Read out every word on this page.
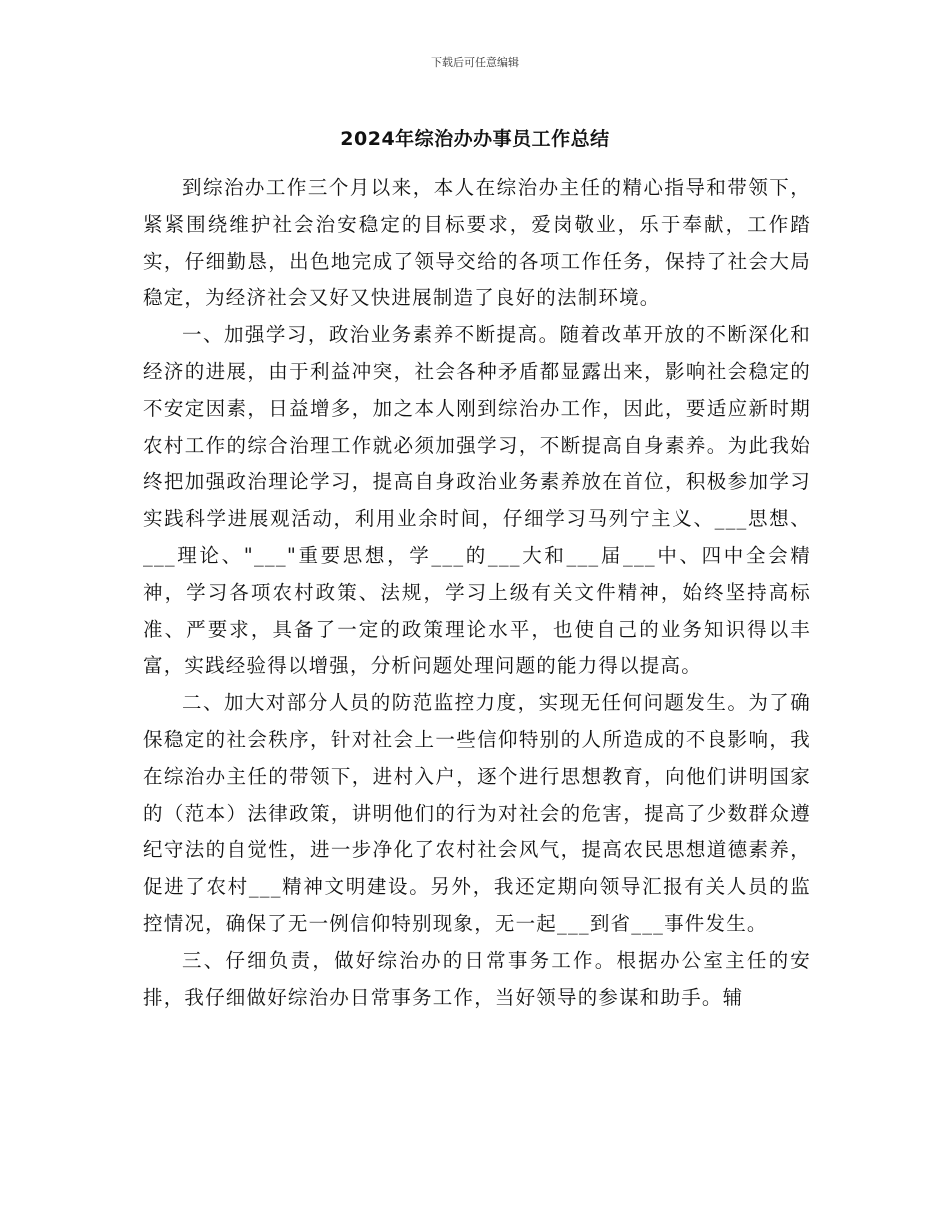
下载后可任意编辑
2024年综治办办事员工作总结

到综治办工作三个月以来，本人在综治办主任的精心指导和带领下，紧紧围绕维护社会治安稳定的目标要求，爱岗敬业，乐于奉献，工作踏实，仔细勤恳，出色地完成了领导交给的各项工作任务，保持了社会大局稳定，为经济社会又好又快进展制造了良好的法制环境。

一、加强学习，政治业务素养不断提高。随着改革开放的不断深化和经济的进展，由于利益冲突，社会各种矛盾都显露出来，影响社会稳定的不安定因素，日益增多，加之本人刚到综治办工作，因此，要适应新时期农村工作的综合治理工作就必须加强学习，不断提高自身素养。为此我始终把加强政治理论学习，提高自身政治业务素养放在首位，积极参加学习实践科学进展观活动，利用业余时间，仔细学习马列宁主义、___思想、___理论、"___"重要思想，学___的___大和___届___中、四中全会精神，学习各项农村政策、法规，学习上级有关文件精神，始终坚持高标准、严要求，具备了一定的政策理论水平，也使自己的业务知识得以丰富，实践经验得以增强，分析问题处理问题的能力得以提高。

二、加大对部分人员的防范监控力度，实现无任何问题发生。为了确保稳定的社会秩序，针对社会上一些信仰特别的人所造成的不良影响，我在综治办主任的带领下，进村入户，逐个进行思想教育，向他们讲明国家的（范本）法律政策，讲明他们的行为对社会的危害，提高了少数群众遵纪守法的自觉性，进一步净化了农村社会风气，提高农民思想道德素养，促进了农村___精神文明建设。另外，我还定期向领导汇报有关人员的监控情况，确保了无一例信仰特别现象，无一起___到省___事件发生。

三、仔细负责，做好综治办的日常事务工作。根据办公室主任的安排，我仔细做好综治办日常事务工作，当好领导的参谋和助手。辅
